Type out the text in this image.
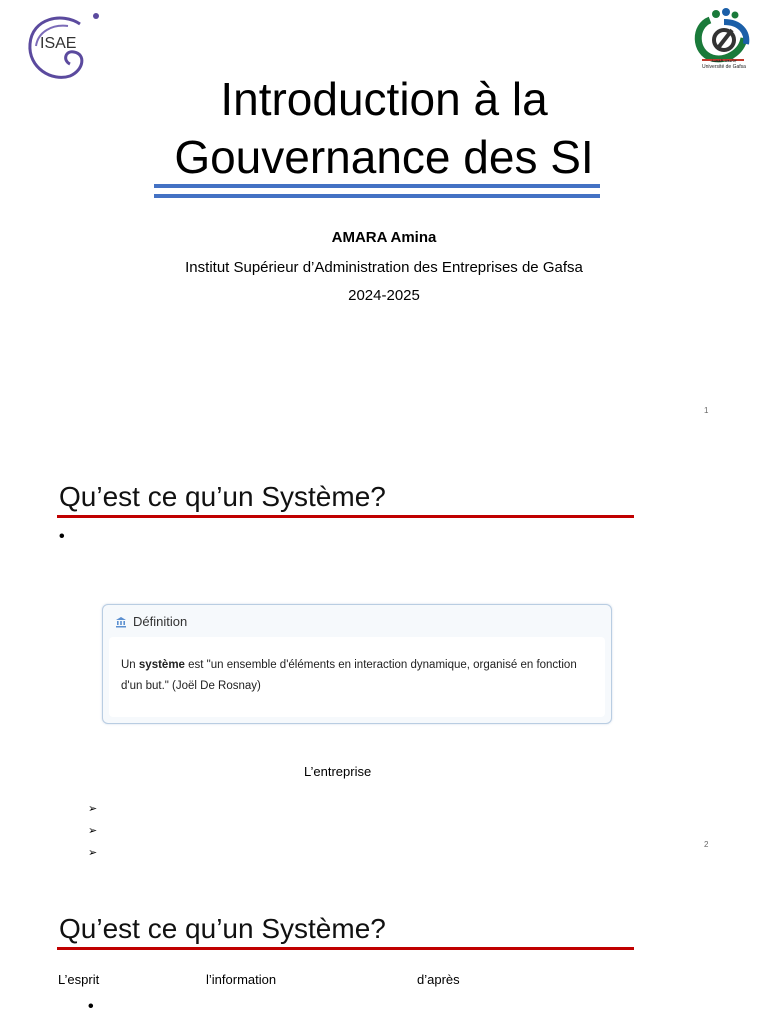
ISAE
جامعة قفصة
Université de Gafsa
Introduction à la
Gouvernance des SI
AMARA Amina
Institut Supérieur d’Administration des Entreprises de Gafsa
2024-2025
1
Qu’est ce qu’un Système?
•
Définition
Un système est "un ensemble d'éléments en interaction dynamique, organisé en fonction d'un but." (Joël De Rosnay)
L’entreprise
➢
➢
➢
2
Qu’est ce qu’un Système?
L’esprit	l’information	d’après
•
